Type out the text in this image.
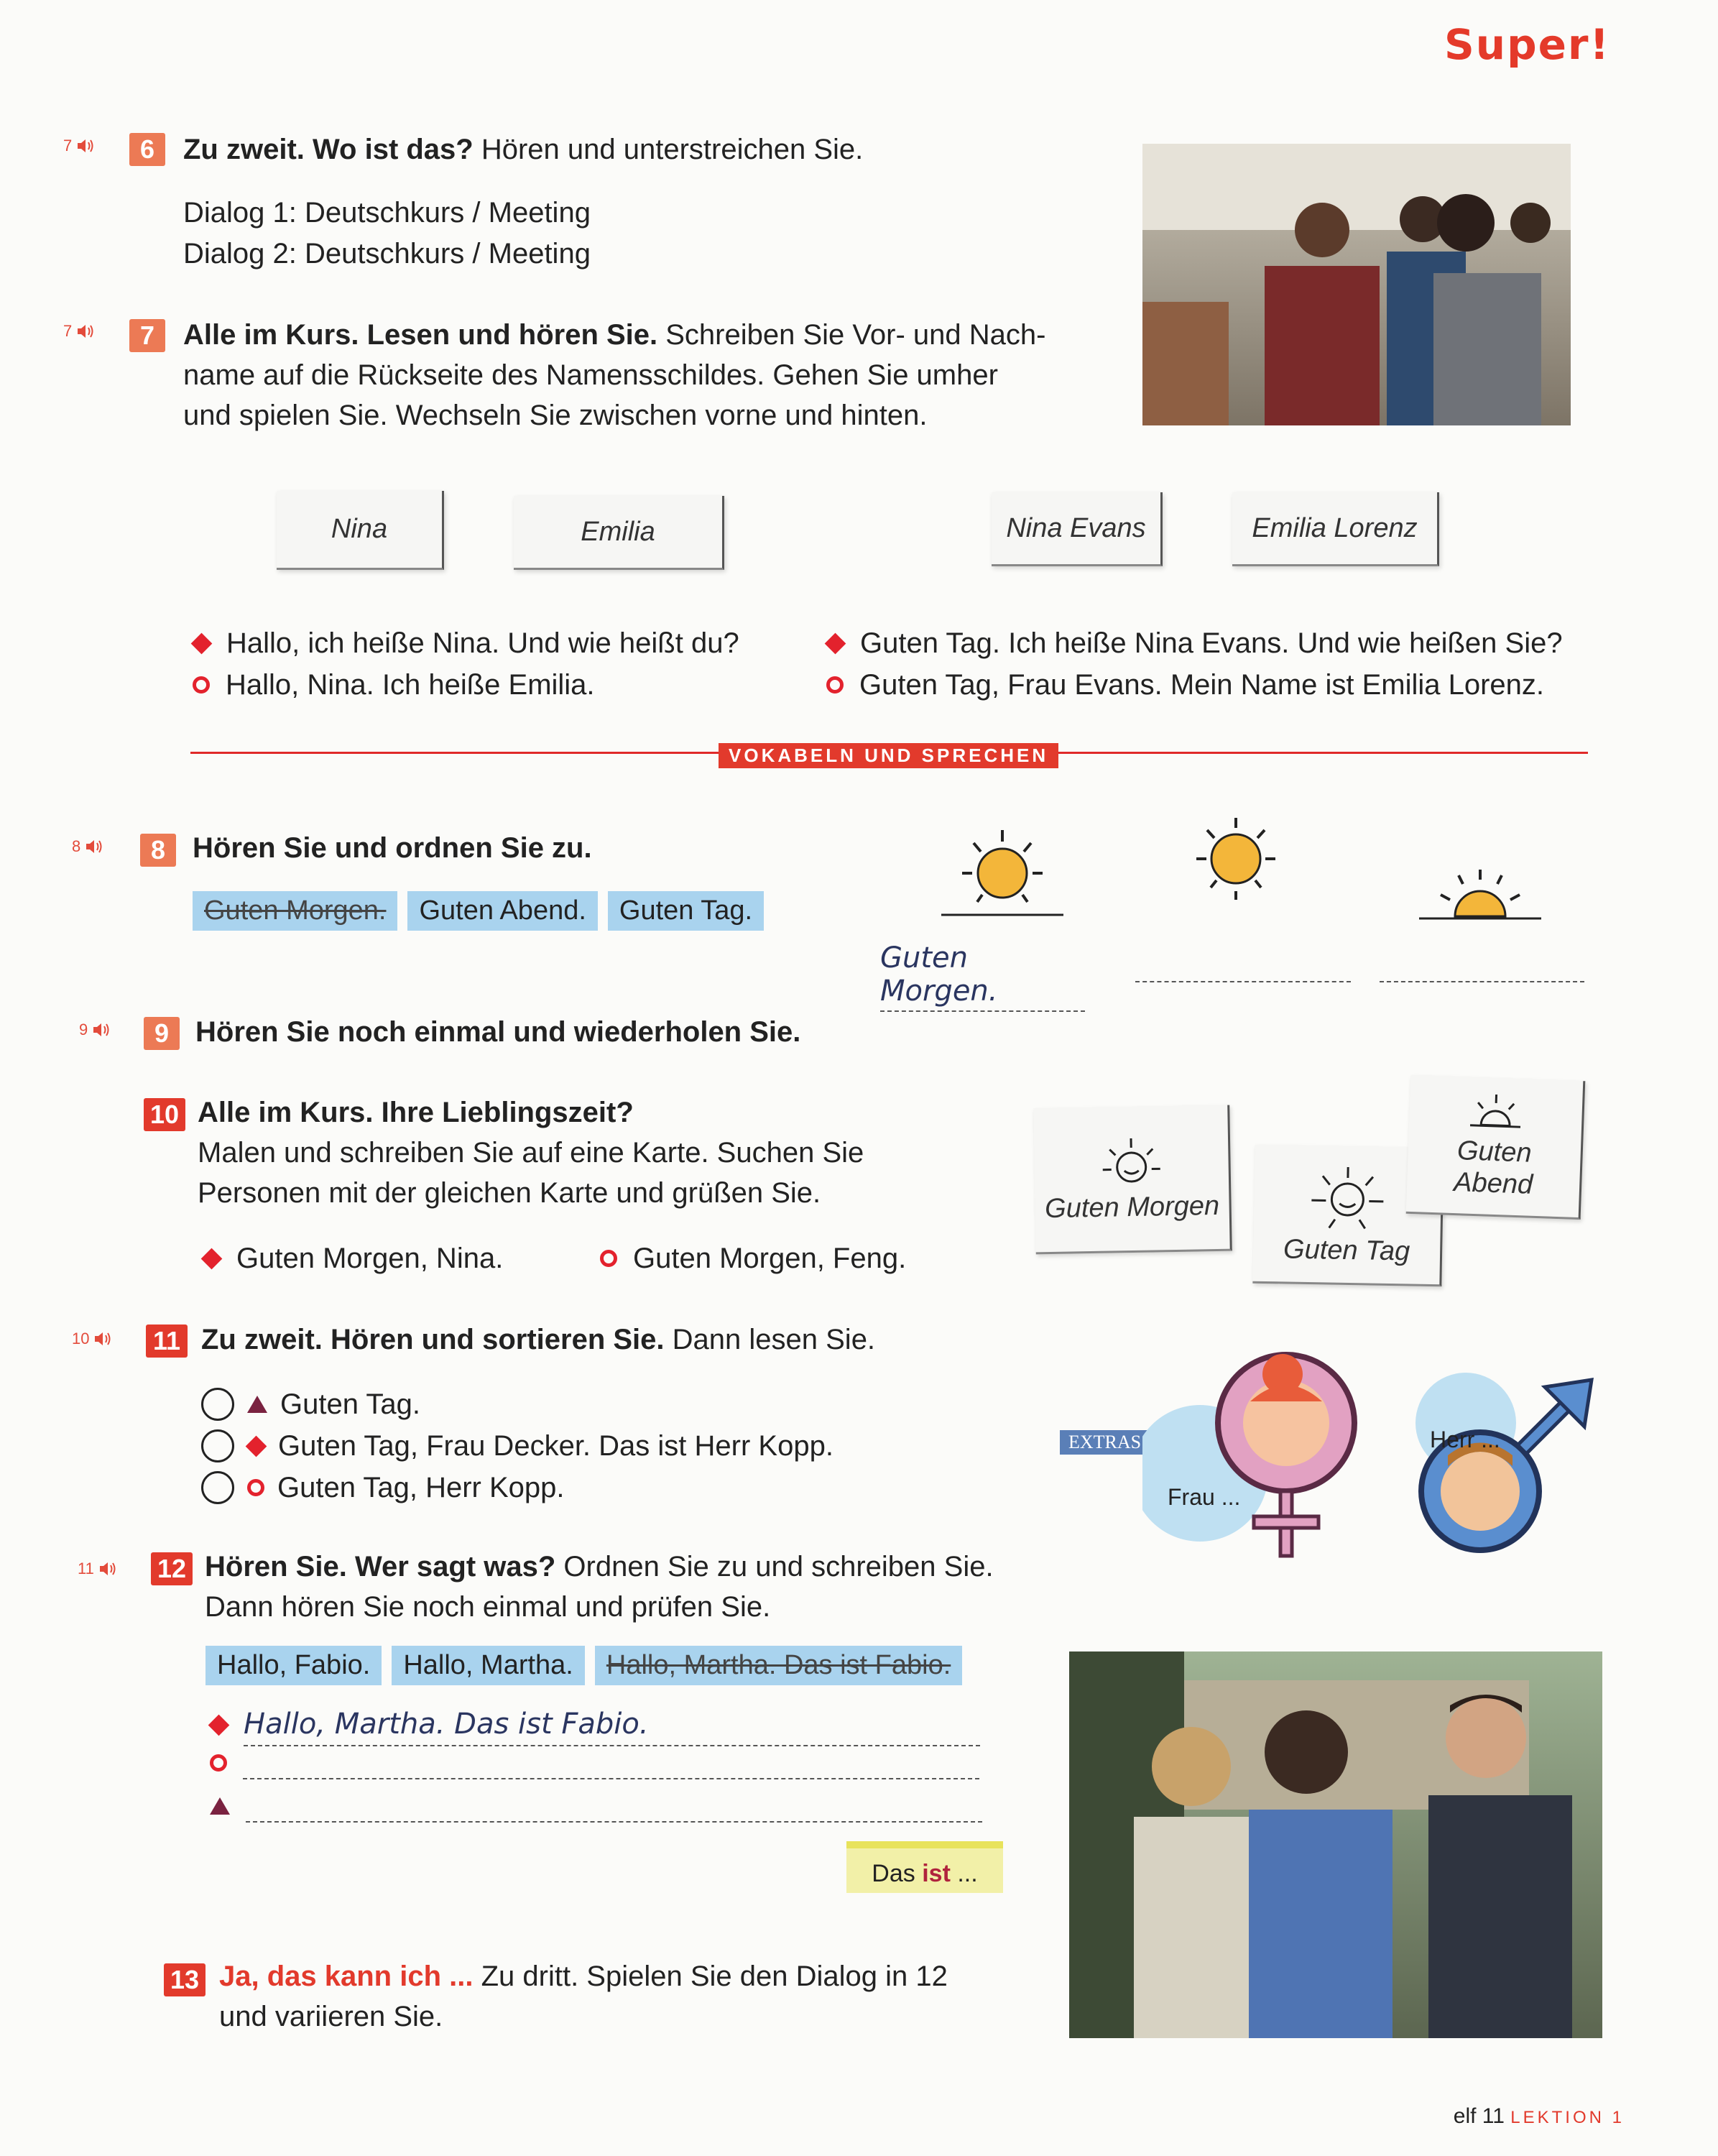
Super!
7	6 Zu zweit. Wo ist das? Hören und unterstreichen Sie.
Dialog 1: Deutschkurs / Meeting
Dialog 2: Deutschkurs / Meeting
7	7 Alle im Kurs. Lesen und hören Sie. Schreiben Sie Vor- und Nach-
name auf die Rückseite des Namensschildes. Gehen Sie umher
und spielen Sie. Wechseln Sie zwischen vorne und hinten.
Nina	Emilia	Nina Evans	Emilia Lorenz
Hallo, ich heiße Nina. Und wie heißt du?
Hallo, Nina. Ich heiße Emilia.
Guten Tag. Ich heiße Nina Evans. Und wie heißen Sie?
Guten Tag, Frau Evans. Mein Name ist Emilia Lorenz.
VOKABELN UND SPRECHEN
8	8 Hören Sie und ordnen Sie zu.
Guten Morgen.	Guten Abend.	Guten Tag.
Guten Morgen.
9	9 Hören Sie noch einmal und wiederholen Sie.
10 Alle im Kurs. Ihre Lieblingszeit?
Malen und schreiben Sie auf eine Karte. Suchen Sie
Personen mit der gleichen Karte und grüßen Sie.
Guten Morgen, Nina.	Guten Morgen, Feng.
Guten Morgen
Guten Tag
Guten
Abend
10 11 Zu zweit. Hören und sortieren Sie. Dann lesen Sie.
Guten Tag.
Guten Tag, Frau Decker. Das ist Herr Kopp.
Guten Tag, Herr Kopp.
EXTRAS
Frau ...
Herr ...
11 12 Hören Sie. Wer sagt was? Ordnen Sie zu und schreiben Sie.
Dann hören Sie noch einmal und prüfen Sie.
Hallo, Fabio.	Hallo, Martha.	Hallo, Martha. Das ist Fabio.
Hallo, Martha. Das ist Fabio.
Das ist ...
13 Ja, das kann ich ... Zu dritt. Spielen Sie den Dialog in 12
und variieren Sie.
elf 11 LEKTION 1
